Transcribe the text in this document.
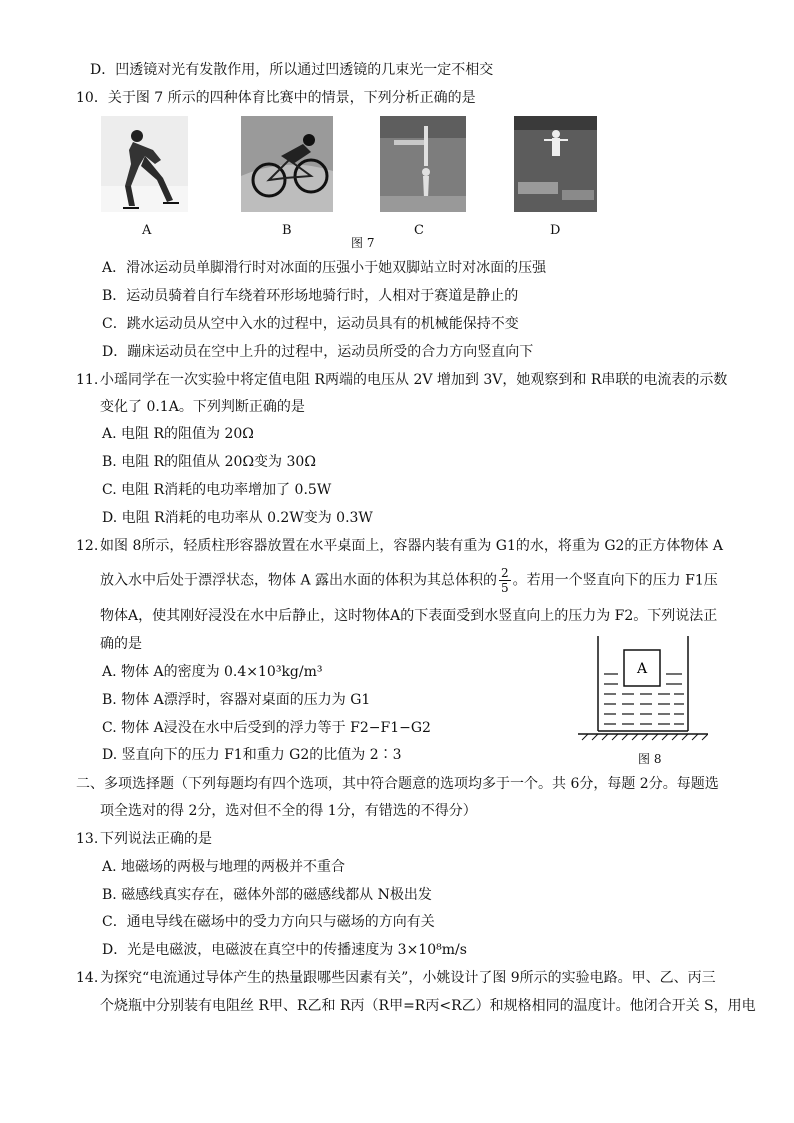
D．凹透镜对光有发散作用，所以通过凹透镜的几束光一定不相交
10．关于图 7 所示的四种体育比赛中的情景，下列分析正确的是
A	B	C	D
图 7
A．滑冰运动员单脚滑行时对冰面的压强小于她双脚站立时对冰面的压强
B．运动员骑着自行车绕着环形场地骑行时，人相对于赛道是静止的
C．跳水运动员从空中入水的过程中，运动员具有的机械能保持不变
D．蹦床运动员在空中上升的过程中，运动员所受的合力方向竖直向下
11. 小瑶同学在一次实验中将定值电阻 R两端的电压从 2V 增加到 3V，她观察到和 R串联的电流表的示数
变化了 0.1A。下列判断正确的是
A. 电阻 R的阻值为 20Ω
B. 电阻 R的阻值从 20Ω变为 30Ω
C. 电阻 R消耗的电功率增加了 0.5W
D. 电阻 R消耗的电功率从 0.2W变为 0.3W
12. 如图 8所示，轻质柱形容器放置在水平桌面上，容器内装有重为 G1的水，将重为 G2的正方体物体 A
放入水中后处于漂浮状态，物体 A 露出水面的体积为其总体积的 $\frac{2}{5}$ 。若用一个竖直向下的压力 F1压
物体A，使其刚好浸没在水中后静止，这时物体A的下表面受到水竖直向上的压力为 F2。下列说法正
确的是
A. 物体 A的密度为 0.4×10³kg/m³
B. 物体 A漂浮时，容器对桌面的压力为 G1
C. 物体 A浸没在水中后受到的浮力等于 F2−F1−G2
D. 竖直向下的压力 F1和重力 G2的比值为 2∶3
A
图 8
二、多项选择题（下列每题均有四个选项，其中符合题意的选项均多于一个。共 6分，每题 2分。每题选
项全选对的得 2分，选对但不全的得 1分，有错选的不得分）
13. 下列说法正确的是
A. 地磁场的两极与地理的两极并不重合
B. 磁感线真实存在，磁体外部的磁感线都从 N极出发
C．通电导线在磁场中的受力方向只与磁场的方向有关
D．光是电磁波，电磁波在真空中的传播速度为 3×10⁸m/s
14. 为探究“电流通过导体产生的热量跟哪些因素有关”，小姚设计了图 9所示的实验电路。甲、乙、丙三
个烧瓶中分别装有电阻丝 R甲、R乙和 R丙（R甲=R丙<R乙）和规格相同的温度计。他闭合开关 S，用电
